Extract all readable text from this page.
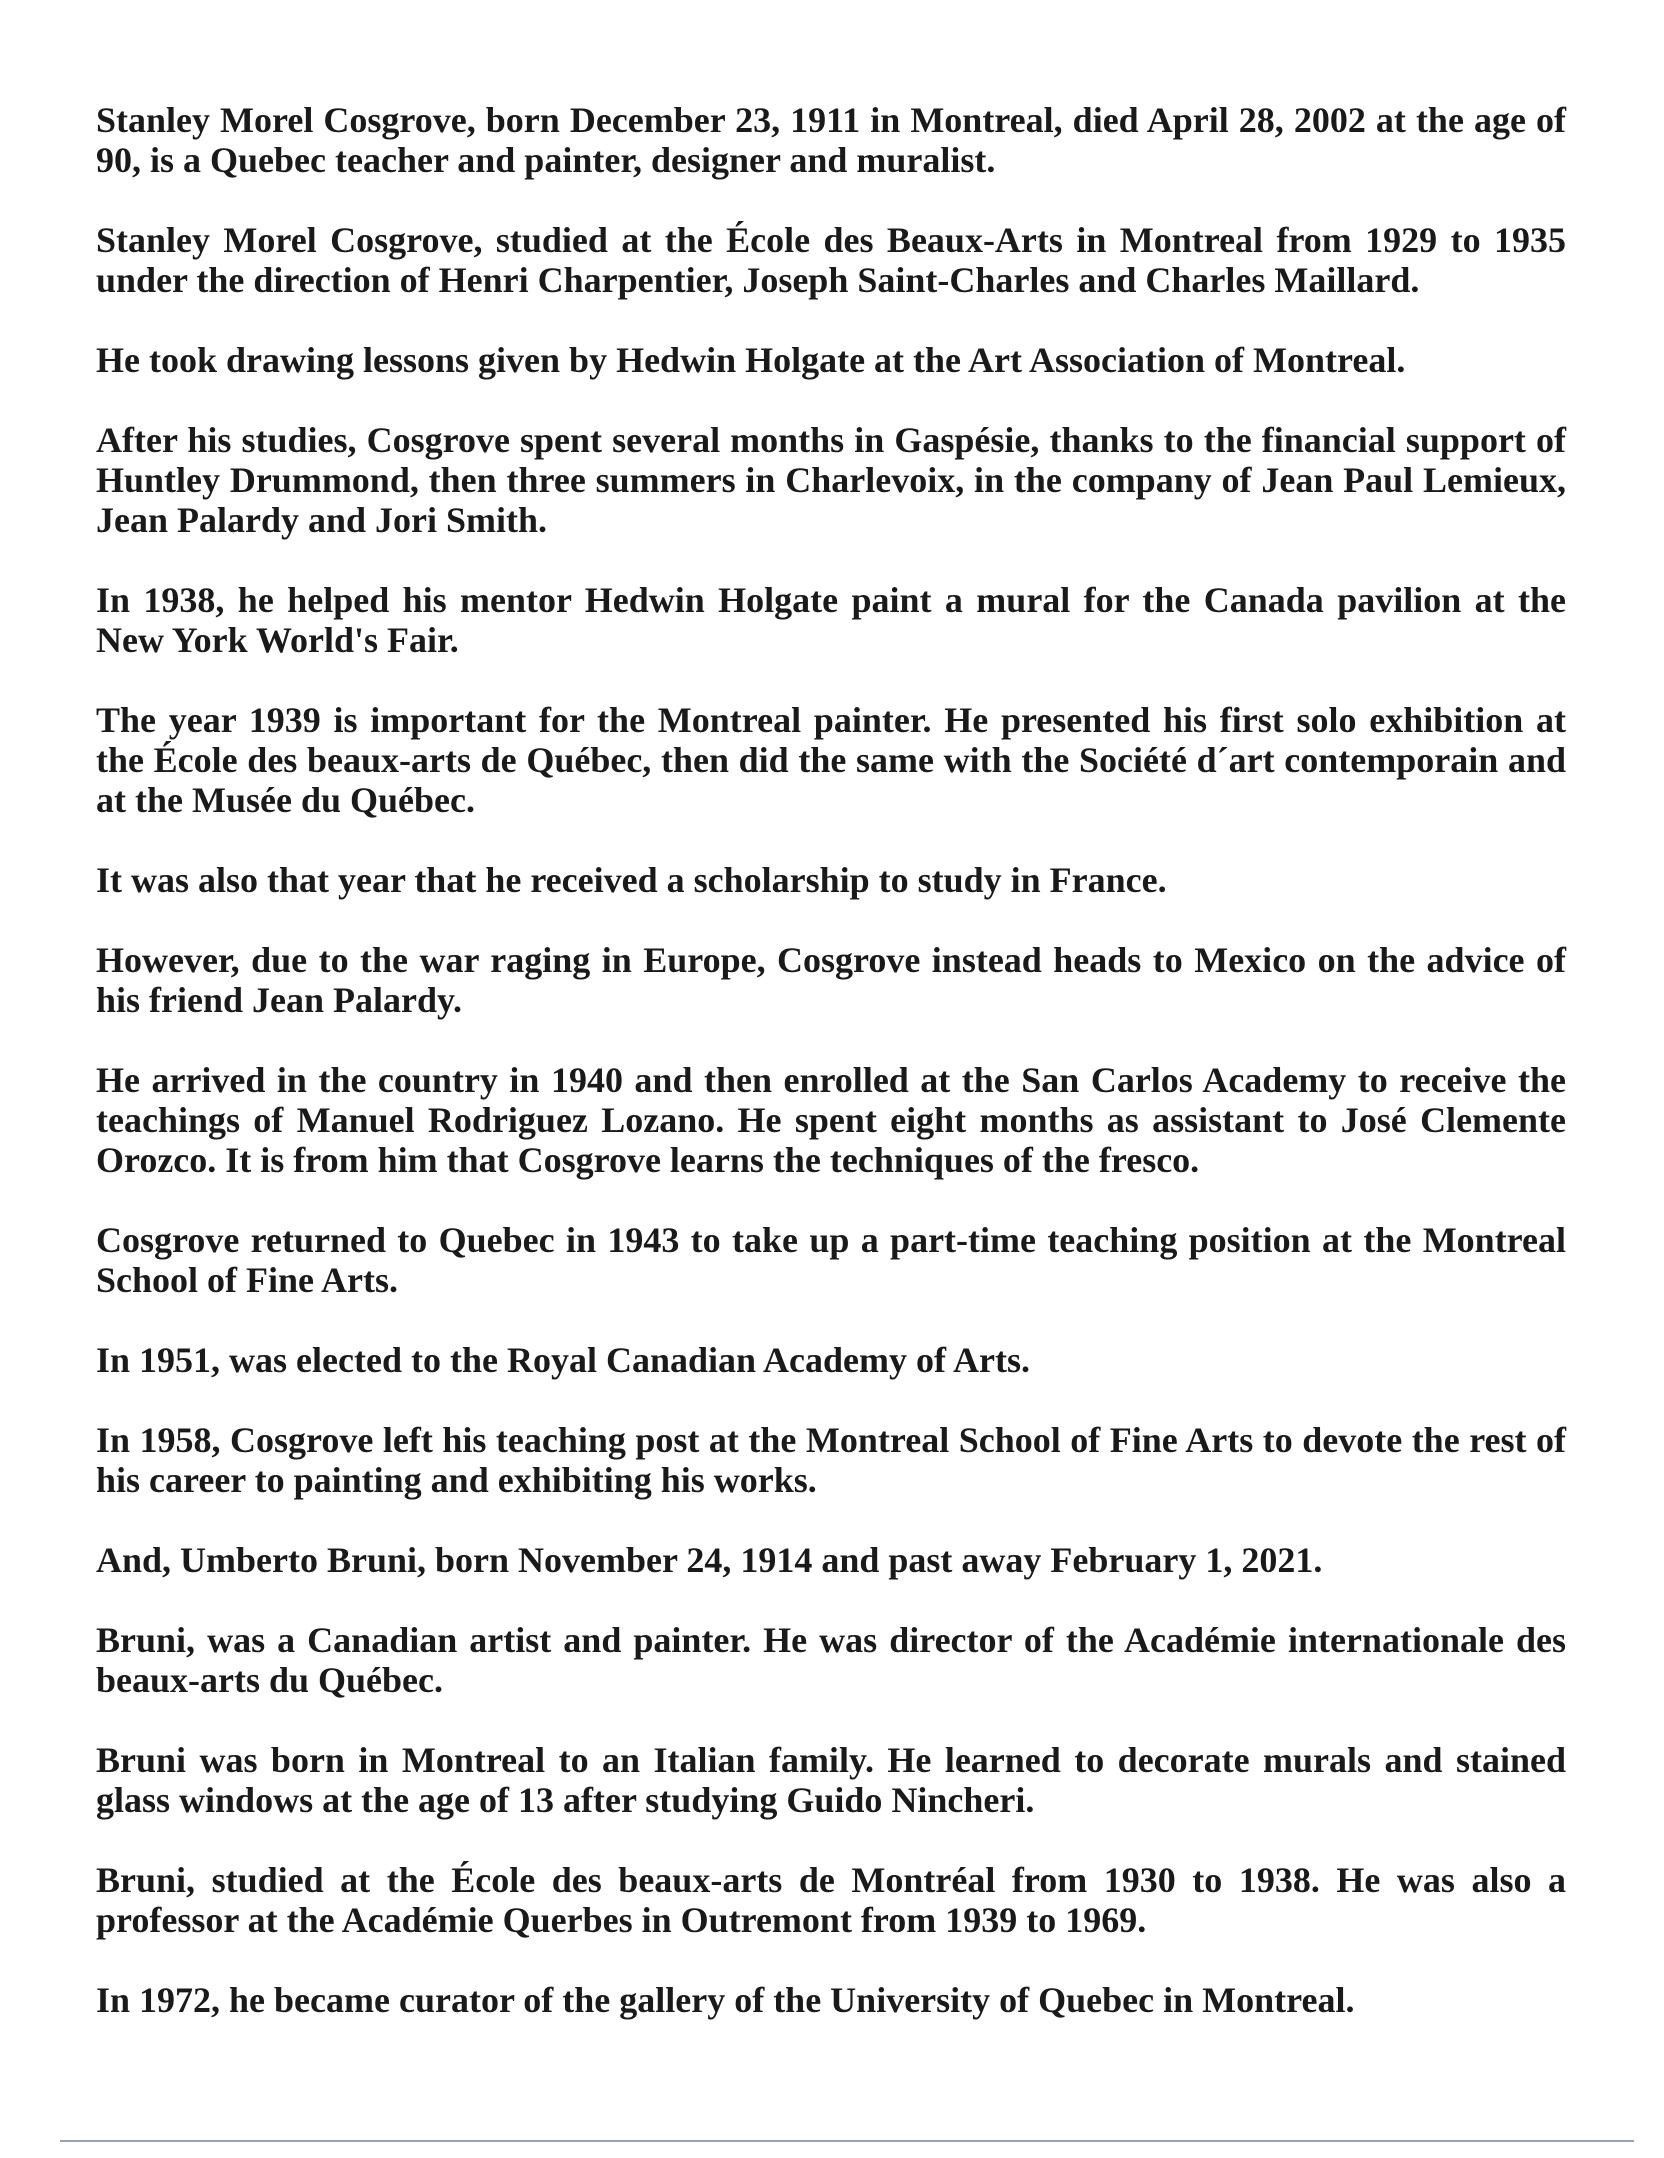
Stanley Morel Cosgrove, born December 23, 1911 in Montreal, died April 28, 2002 at the age of 90, is a Quebec teacher and painter, designer and muralist.

Stanley Morel Cosgrove, studied at the École des Beaux-Arts in Montreal from 1929 to 1935 under the direction of Henri Charpentier, Joseph Saint-Charles and Charles Maillard.

He took drawing lessons given by Hedwin Holgate at the Art Association of Montreal.

After his studies, Cosgrove spent several months in Gaspésie, thanks to the financial support of Huntley Drummond, then three summers in Charlevoix, in the company of Jean Paul Lemieux, Jean Palardy and Jori Smith.

In 1938, he helped his mentor Hedwin Holgate paint a mural for the Canada pavilion at the New York World's Fair.

The year 1939 is important for the Montreal painter. He presented his first solo exhibition at the École des beaux-arts de Québec, then did the same with the Société d´art contemporain and at the Musée du Québec.

It was also that year that he received a scholarship to study in France.

However, due to the war raging in Europe, Cosgrove instead heads to Mexico on the advice of his friend Jean Palardy.

He arrived in the country in 1940 and then enrolled at the San Carlos Academy to receive the teachings of Manuel Rodriguez Lozano. He spent eight months as assistant to José Clemente Orozco. It is from him that Cosgrove learns the techniques of the fresco.

Cosgrove returned to Quebec in 1943 to take up a part-time teaching position at the Montreal School of Fine Arts.

In 1951, was elected to the Royal Canadian Academy of Arts.

In 1958, Cosgrove left his teaching post at the Montreal School of Fine Arts to devote the rest of his career to painting and exhibiting his works.

And, Umberto Bruni, born November 24, 1914 and past away February 1, 2021.

Bruni, was a Canadian artist and painter. He was director of the Académie internationale des beaux-arts du Québec.

Bruni was born in Montreal to an Italian family. He learned to decorate murals and stained glass windows at the age of 13 after studying Guido Nincheri.

Bruni, studied at the École des beaux-arts de Montréal from 1930 to 1938. He was also a professor at the Académie Querbes in Outremont from 1939 to 1969.

In 1972, he became curator of the gallery of the University of Quebec in Montreal.
